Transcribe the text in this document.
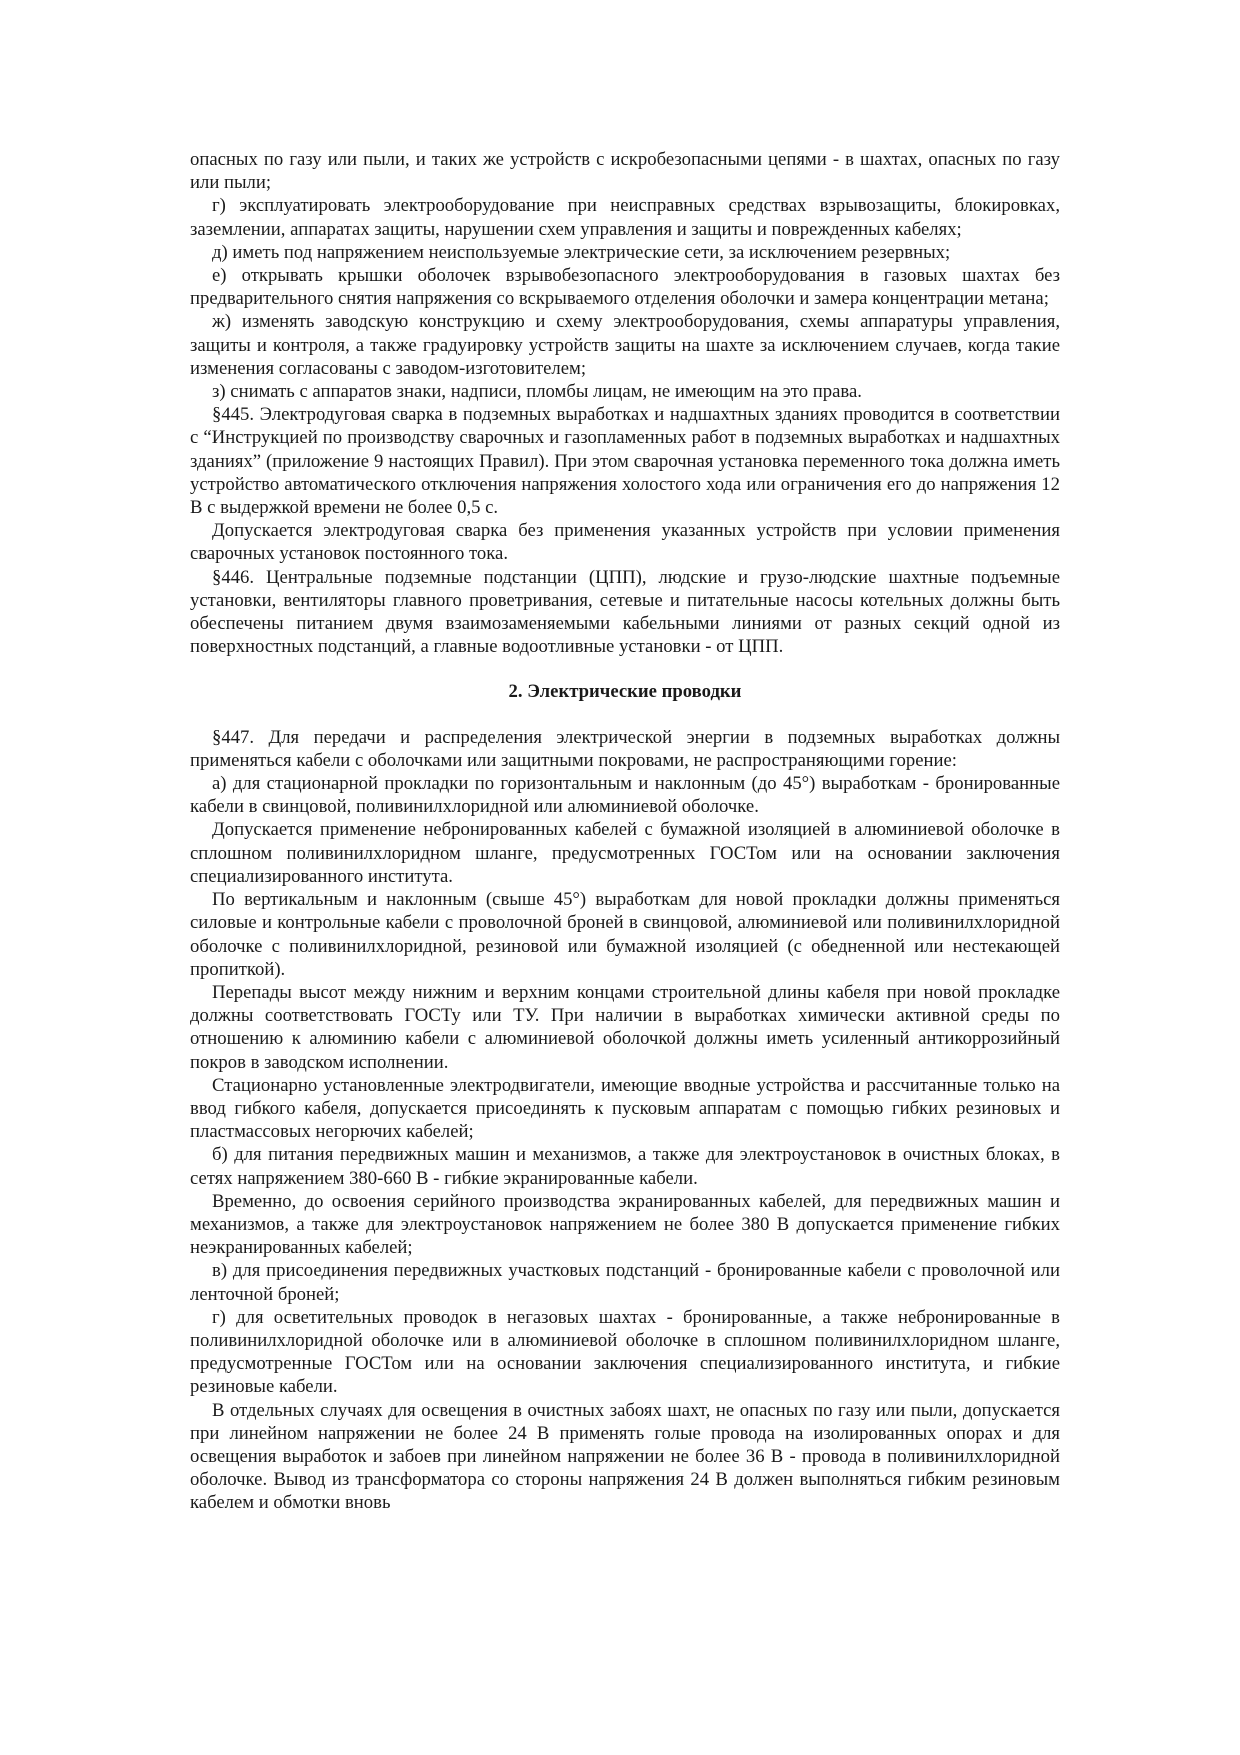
опасных по газу или пыли, и таких же устройств с искробезопасными цепями - в шахтах, опасных по газу или пыли;

г) эксплуатировать электрооборудование при неисправных средствах взрывозащиты, блокировках, заземлении, аппаратах защиты, нарушении схем управления и защиты и поврежденных кабелях;

д) иметь под напряжением неиспользуемые электрические сети, за исключением резервных;

е) открывать крышки оболочек взрывобезопасного электрооборудования в газовых шахтах без предварительного снятия напряжения со вскрываемого отделения оболочки и замера концентрации метана;

ж) изменять заводскую конструкцию и схему электрооборудования, схемы аппаратуры управления, защиты и контроля, а также градуировку устройств защиты на шахте за исключением случаев, когда такие изменения согласованы с заводом-изготовителем;

з) снимать с аппаратов знаки, надписи, пломбы лицам, не имеющим на это права.

§445. Электродуговая сварка в подземных выработках и надшахтных зданиях проводится в соответствии с “Инструкцией по производству сварочных и газопламенных работ в подземных выработках и надшахтных зданиях” (приложение 9 настоящих Правил). При этом сварочная установка переменного тока должна иметь устройство автоматического отключения напряжения холостого хода или ограничения его до напряжения 12 В с выдержкой времени не более 0,5 с.

Допускается электродуговая сварка без применения указанных устройств при условии применения сварочных установок постоянного тока.

§446. Центральные подземные подстанции (ЦПП), людские и грузо-людские шахтные подъемные установки, вентиляторы главного проветривания, сетевые и питательные насосы котельных должны быть обеспечены питанием двумя взаимозаменяемыми кабельными линиями от разных секций одной из поверхностных подстанций, а главные водоотливные установки - от ЦПП.

2. Электрические проводки

§447. Для передачи и распределения электрической энергии в подземных выработках должны применяться кабели с оболочками или защитными покровами, не распространяющими горение:

а) для стационарной прокладки по горизонтальным и наклонным (до 45°) выработкам - бронированные кабели в свинцовой, поливинилхлоридной или алюминиевой оболочке.

Допускается применение небронированных кабелей с бумажной изоляцией в алюминиевой оболочке в сплошном поливинилхлоридном шланге, предусмотренных ГОСТом или на основании заключения специализированного института.

По вертикальным и наклонным (свыше 45°) выработкам для новой прокладки должны применяться силовые и контрольные кабели с проволочной броней в свинцовой, алюминиевой или поливинилхлоридной оболочке с поливинилхлоридной, резиновой или бумажной изоляцией (с обедненной или нестекающей пропиткой).

Перепады высот между нижним и верхним концами строительной длины кабеля при новой прокладке должны соответствовать ГОСТу или ТУ. При наличии в выработках химически активной среды по отношению к алюминию кабели с алюминиевой оболочкой должны иметь усиленный антикоррозийный покров в заводском исполнении.

Стационарно установленные электродвигатели, имеющие вводные устройства и рассчитанные только на ввод гибкого кабеля, допускается присоединять к пусковым аппаратам с помощью гибких резиновых и пластмассовых негорючих кабелей;

б) для питания передвижных машин и механизмов, а также для электроустановок в очистных блоках, в сетях напряжением 380-660 В - гибкие экранированные кабели.

Временно, до освоения серийного производства экранированных кабелей, для передвижных машин и механизмов, а также для электроустановок напряжением не более 380 В допускается применение гибких неэкранированных кабелей;

в) для присоединения передвижных участковых подстанций - бронированные кабели с проволочной или ленточной броней;

г) для осветительных проводок в негазовых шахтах - бронированные, а также небронированные в поливинилхлоридной оболочке или в алюминиевой оболочке в сплошном поливинилхлоридном шланге, предусмотренные ГОСТом или на основании заключения специализированного института, и гибкие резиновые кабели.

В отдельных случаях для освещения в очистных забоях шахт, не опасных по газу или пыли, допускается при линейном напряжении не более 24 В применять голые провода на изолированных опорах и для освещения выработок и забоев при линейном напряжении не более 36 В - провода в поливинилхлоридной оболочке. Вывод из трансформатора со стороны напряжения 24 В должен выполняться гибким резиновым кабелем и обмотки вновь
